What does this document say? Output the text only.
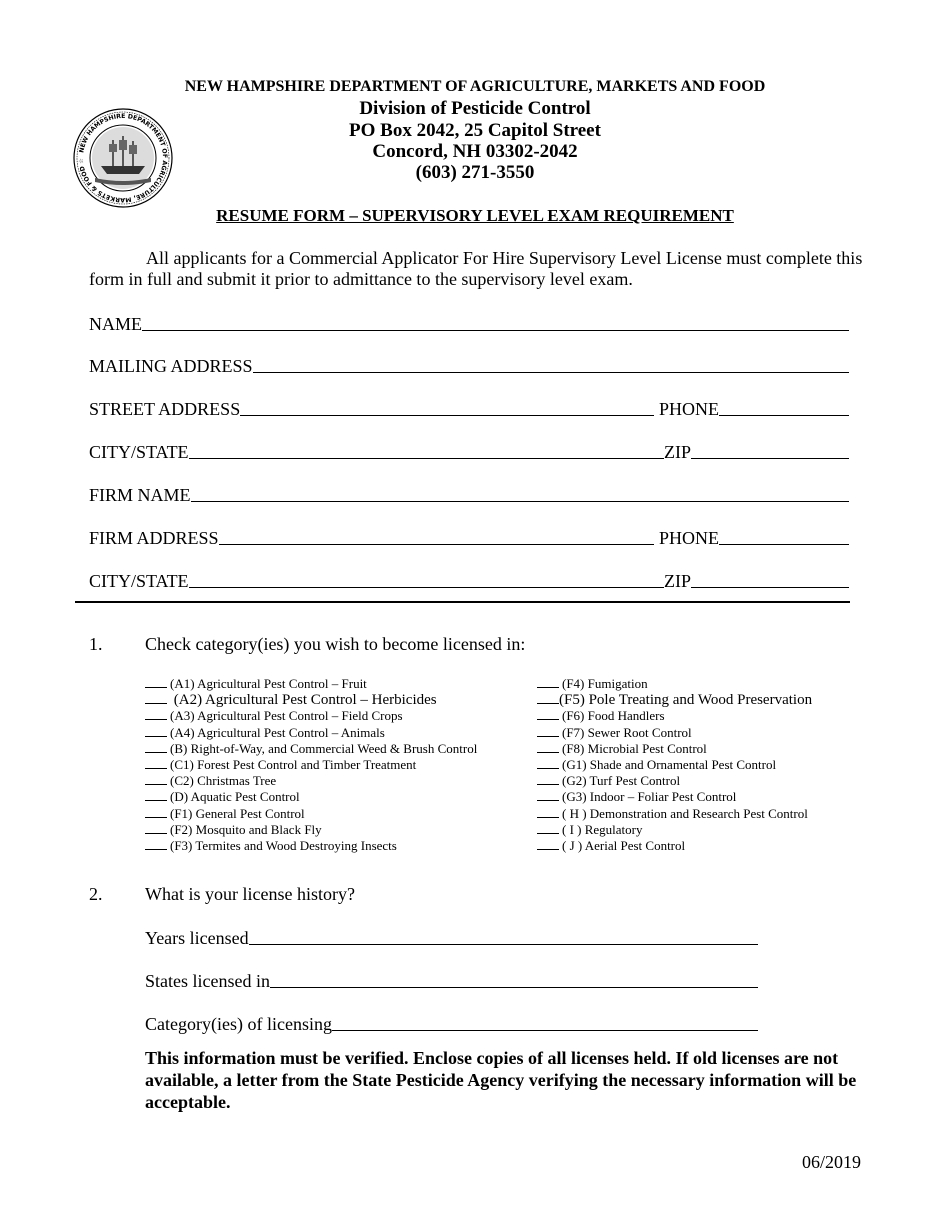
NEW HAMPSHIRE DEPARTMENT OF AGRICULTURE, MARKETS & FOOD ☆
NEW HAMPSHIRE DEPARTMENT OF AGRICULTURE, MARKETS AND FOOD
Division of Pesticide Control
PO Box 2042, 25 Capitol Street
Concord, NH 03302-2042
(603) 271-3550
RESUME FORM – SUPERVISORY LEVEL EXAM REQUIREMENT
All applicants for a Commercial Applicator For Hire Supervisory Level License must complete this form in full and submit it prior to admittance to the supervisory level exam.
NAME
MAILING ADDRESS
STREET ADDRESS	PHONE
CITY/STATE	ZIP
FIRM NAME
FIRM ADDRESS	PHONE
CITY/STATE	ZIP
1. Check category(ies) you wish to become licensed in:
(A1) Agricultural Pest Control – Fruit
(A2) Agricultural Pest Control – Herbicides
(A3) Agricultural Pest Control – Field Crops
(A4) Agricultural Pest Control – Animals
(B) Right-of-Way, and Commercial Weed & Brush Control
(C1) Forest Pest Control and Timber Treatment
(C2) Christmas Tree
(D) Aquatic Pest Control
(F1) General Pest Control
(F2) Mosquito and Black Fly
(F3) Termites and Wood Destroying Insects
(F4) Fumigation
(F5) Pole Treating and Wood Preservation
(F6) Food Handlers
(F7) Sewer Root Control
(F8) Microbial Pest Control
(G1) Shade and Ornamental Pest Control
(G2) Turf Pest Control
(G3) Indoor – Foliar Pest Control
( H ) Demonstration and Research Pest Control
( I ) Regulatory
( J ) Aerial Pest Control
2. What is your license history?
Years licensed
States licensed in
Category(ies) of licensing
This information must be verified. Enclose copies of all licenses held. If old licenses are not available, a letter from the State Pesticide Agency verifying the necessary information will be acceptable.
06/2019
